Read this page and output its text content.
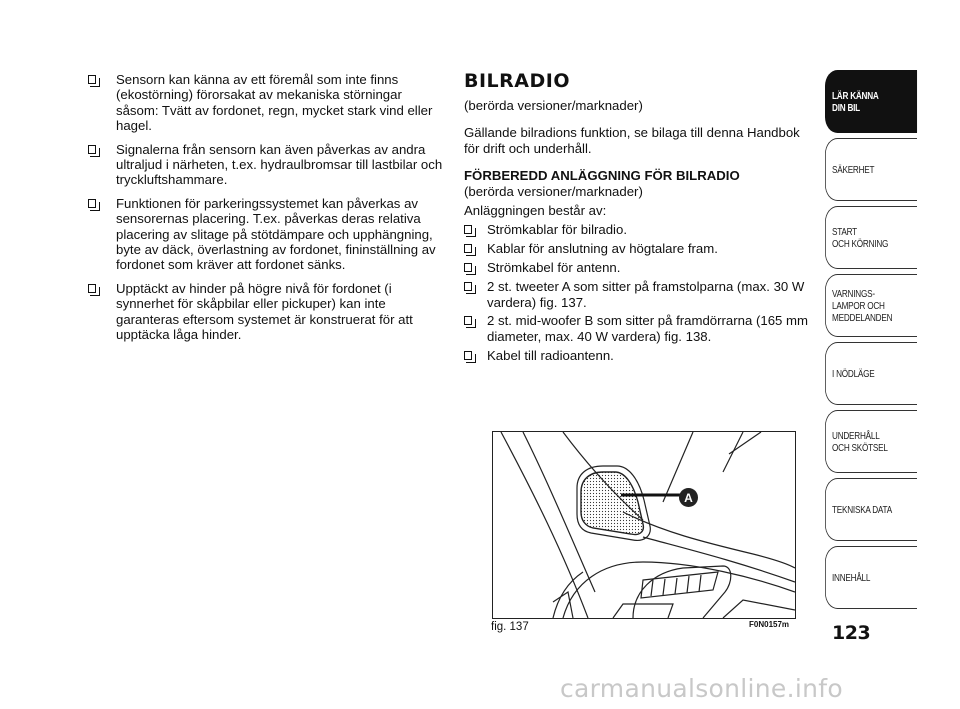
Sensorn kan känna av ett föremål som inte finns (ekostörning) förorsakat av mekaniska störningar såsom: Tvätt av fordonet, regn, mycket stark vind eller hagel.
Signalerna från sensorn kan även påverkas av andra ultraljud i närheten, t.ex. hydraulbromsar till lastbilar och tryckluftshammare.
Funktionen för parkeringssystemet kan påverkas av sensorernas placering. T.ex. påverkas deras relativa placering av slitage på stötdämpare och upphängning, byte av däck, överlastning av fordonet, fininställning av fordonet som kräver att fordonet sänks.
Upptäckt av hinder på högre nivå för fordonet (i synnerhet för skåpbilar eller pickuper) kan inte garanteras eftersom systemet är konstruerat för att upptäcka låga hinder.
BILRADIO

(berörda versioner/marknader)

Gällande bilradions funktion, se bilaga till denna Handbok för drift och underhåll.

FÖRBEREDD ANLÄGGNING FÖR BILRADIO

(berörda versioner/marknader)

Anläggningen består av:

Strömkablar för bilradio.
Kablar för anslutning av högtalare fram.
Strömkabel för antenn.
2 st. tweeter A som sitter på framstolparna (max. 30 W vardera) fig. 137.
2 st. mid-woofer B som sitter på framdörrarna (165 mm diameter, max. 40 W vardera) fig. 138.
Kabel till radioantenn.
A
fig. 137	F0N0157m
LÄR KÄNNA
DIN BIL
SÄKERHET
START
OCH KÖRNING
VARNINGS-
LAMPOR OCH
MEDDELANDEN
I NÖDLÄGE
UNDERHÅLL
OCH SKÖTSEL
TEKNISKA DATA
INNEHÅLL
123
carmanualsonline.info
